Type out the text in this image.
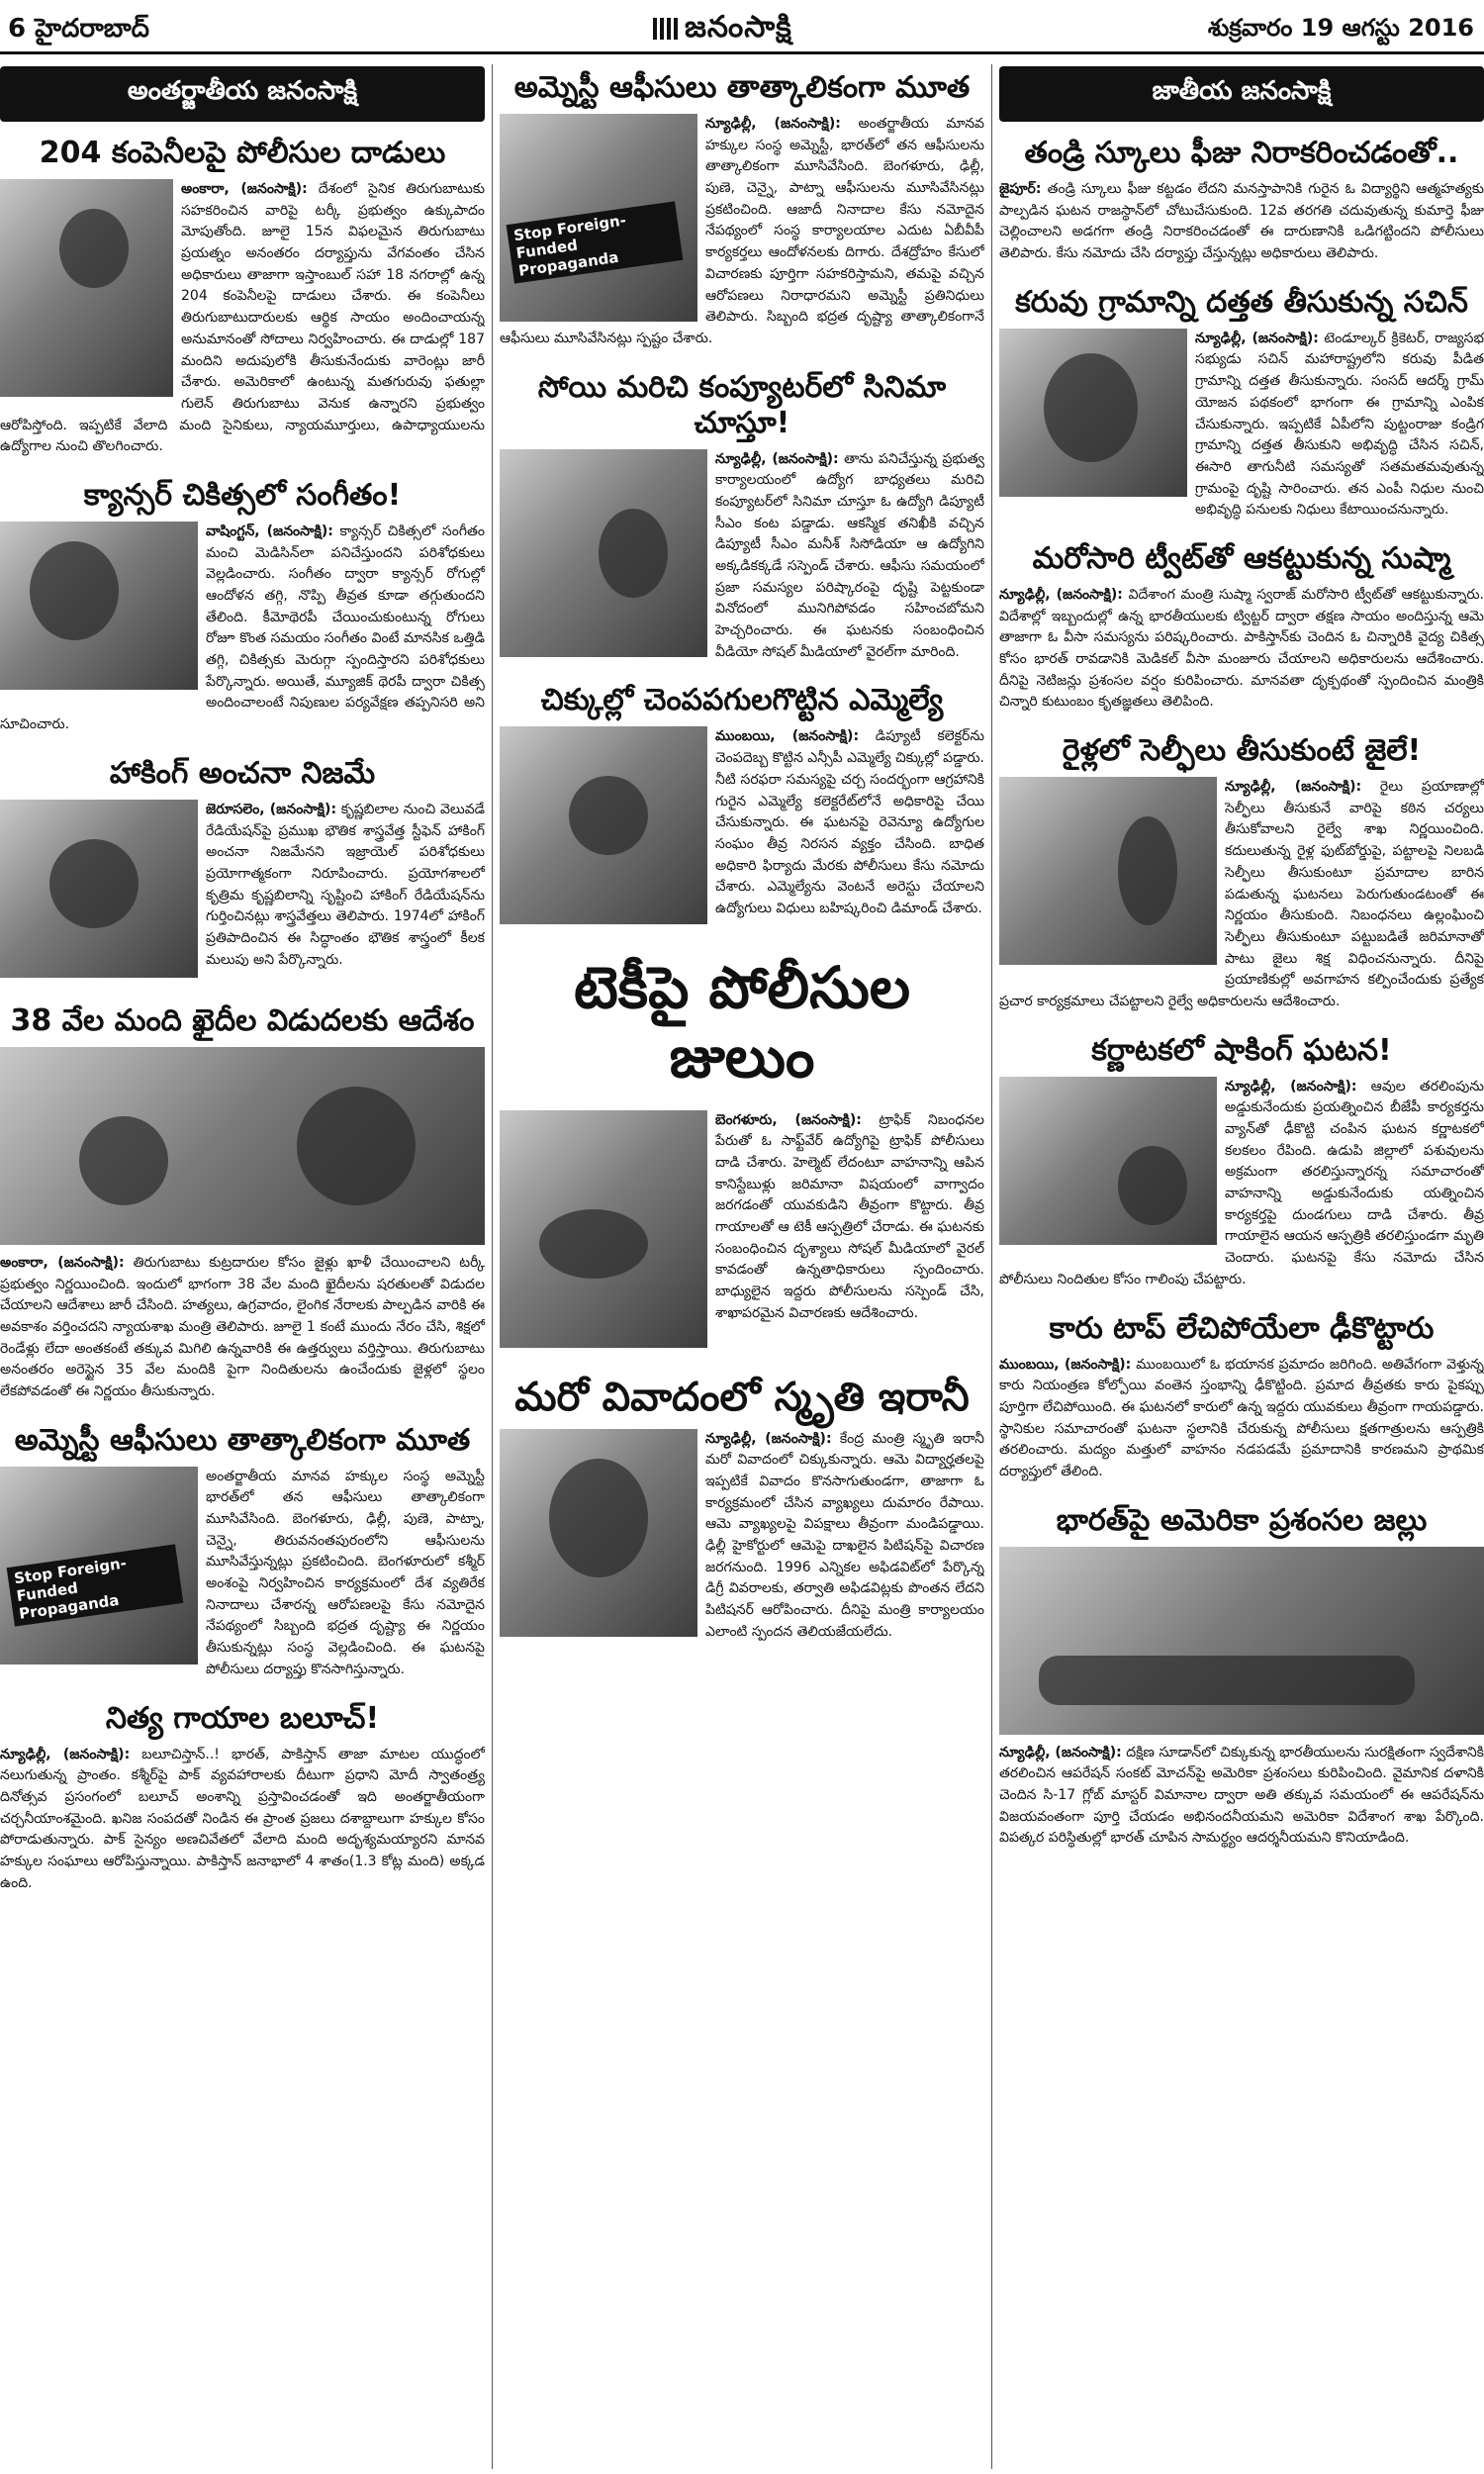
6 హైదరాబాద్	జనంసాక్షి	శుక్రవారం 19 ఆగస్టు 2016
అంతర్జాతీయ జనంసాక్షి
204 కంపెనీలపై పోలీసుల దాడులు
అంకారా, (జనంసాక్షి): దేశంలో సైనిక తిరుగుబాటుకు సహకరించిన వారిపై టర్కీ ప్రభుత్వం ఉక్కుపాదం మోపుతోంది. జూలై 15న విఫలమైన తిరుగుబాటు ప్రయత్నం అనంతరం దర్యాప్తును వేగవంతం చేసిన అధికారులు తాజాగా ఇస్తాంబుల్ సహా 18 నగరాల్లో ఉన్న 204 కంపెనీలపై దాడులు చేశారు. ఈ కంపెనీలు తిరుగుబాటుదారులకు ఆర్థిక సాయం అందించాయన్న అనుమానంతో సోదాలు నిర్వహించారు. ఈ దాడుల్లో 187 మందిని అదుపులోకి తీసుకునేందుకు వారెంట్లు జారీ చేశారు. అమెరికాలో ఉంటున్న మతగురువు ఫతుల్లా గులెన్ తిరుగుబాటు వెనుక ఉన్నారని ప్రభుత్వం ఆరోపిస్తోంది. ఇప్పటికే వేలాది మంది సైనికులు, న్యాయమూర్తులు, ఉపాధ్యాయులను ఉద్యోగాల నుంచి తొలగించారు.
క్యాన్సర్ చికిత్సలో సంగీతం!
వాషింగ్టన్, (జనంసాక్షి): క్యాన్సర్ చికిత్సలో సంగీతం మంచి మెడిసిన్‌లా పనిచేస్తుందని పరిశోధకులు వెల్లడించారు. సంగీతం ద్వారా క్యాన్సర్ రోగుల్లో ఆందోళన తగ్గి, నొప్పి తీవ్రత కూడా తగ్గుతుందని తేలింది. కీమోథెరపీ చేయించుకుంటున్న రోగులు రోజూ కొంత సమయం సంగీతం వింటే మానసిక ఒత్తిడి తగ్గి, చికిత్సకు మెరుగ్గా స్పందిస్తారని పరిశోధకులు పేర్కొన్నారు. అయితే, మ్యూజిక్ థెరపీ ద్వారా చికిత్స అందించాలంటే నిపుణుల పర్యవేక్షణ తప్పనిసరి అని సూచించారు.
హాకింగ్ అంచనా నిజమే
జెరూసలెం, (జనంసాక్షి): కృష్ణబిలాల నుంచి వెలువడే రేడియేషన్‌పై ప్రముఖ భౌతిక శాస్త్రవేత్త స్టీఫెన్ హాకింగ్ అంచనా నిజమేనని ఇజ్రాయెల్ పరిశోధకులు ప్రయోగాత్మకంగా నిరూపించారు. ప్రయోగశాలలో కృత్రిమ కృష్ణబిలాన్ని సృష్టించి హాకింగ్ రేడియేషన్‌ను గుర్తించినట్లు శాస్త్రవేత్తలు తెలిపారు. 1974లో హాకింగ్ ప్రతిపాదించిన ఈ సిద్ధాంతం భౌతిక శాస్త్రంలో కీలక మలుపు అని పేర్కొన్నారు.
38 వేల మంది ఖైదీల విడుదలకు ఆదేశం
అంకారా, (జనంసాక్షి): తిరుగుబాటు కుట్రదారుల కోసం జైళ్లు ఖాళీ చేయించాలని టర్కీ ప్రభుత్వం నిర్ణయించింది. ఇందులో భాగంగా 38 వేల మంది ఖైదీలను షరతులతో విడుదల చేయాలని ఆదేశాలు జారీ చేసింది. హత్యలు, ఉగ్రవాదం, లైంగిక నేరాలకు పాల్పడిన వారికి ఈ అవకాశం వర్తించదని న్యాయశాఖ మంత్రి తెలిపారు. జూలై 1 కంటే ముందు నేరం చేసి, శిక్షలో రెండేళ్లు లేదా అంతకంటే తక్కువ మిగిలి ఉన్నవారికి ఈ ఉత్తర్వులు వర్తిస్తాయి. తిరుగుబాటు అనంతరం అరెస్టైన 35 వేల మందికి పైగా నిందితులను ఉంచేందుకు జైళ్లలో స్థలం లేకపోవడంతో ఈ నిర్ణయం తీసుకున్నారు.
అమ్నెస్టీ ఆఫీసులు తాత్కాలికంగా మూత
Stop Foreign-Funded Propaganda
అంతర్జాతీయ మానవ హక్కుల సంస్థ అమ్నెస్టీ భారత్‌లో తన ఆఫీసులు తాత్కాలికంగా మూసివేసింది. బెంగళూరు, ఢిల్లీ, పుణె, పాట్నా, చెన్నై, తిరువనంతపురంలోని ఆఫీసులను మూసివేస్తున్నట్లు ప్రకటించింది. బెంగళూరులో కశ్మీర్ అంశంపై నిర్వహించిన కార్యక్రమంలో దేశ వ్యతిరేక నినాదాలు చేశారన్న ఆరోపణలపై కేసు నమోదైన నేపథ్యంలో సిబ్బంది భద్రత దృష్ట్యా ఈ నిర్ణయం తీసుకున్నట్లు సంస్థ వెల్లడించింది. ఈ ఘటనపై పోలీసులు దర్యాప్తు కొనసాగిస్తున్నారు.
నిత్య గాయాల బలూచ్!
న్యూఢిల్లీ, (జనంసాక్షి): బలూచిస్తాన్..! భారత్, పాకిస్తాన్ తాజా మాటల యుద్ధంలో నలుగుతున్న ప్రాంతం. కశ్మీర్‌పై పాక్ వ్యవహారాలకు దీటుగా ప్రధాని మోదీ స్వాతంత్ర్య దినోత్సవ ప్రసంగంలో బలూచ్ అంశాన్ని ప్రస్తావించడంతో ఇది అంతర్జాతీయంగా చర్చనీయాంశమైంది. ఖనిజ సంపదతో నిండిన ఈ ప్రాంత ప్రజలు దశాబ్దాలుగా హక్కుల కోసం పోరాడుతున్నారు. పాక్ సైన్యం అణచివేతలో వేలాది మంది అదృశ్యమయ్యారని మానవ హక్కుల సంఘాలు ఆరోపిస్తున్నాయి. పాకిస్తాన్ జనాభాలో 4 శాతం(1.3 కోట్ల మంది) అక్కడ ఉంది.
అమ్నెస్టీ ఆఫీసులు తాత్కాలికంగా మూత
Stop Foreign-Funded Propaganda
న్యూఢిల్లీ, (జనంసాక్షి): అంతర్జాతీయ మానవ హక్కుల సంస్థ అమ్నెస్టీ, భారత్‌లో తన ఆఫీసులను తాత్కాలికంగా మూసివేసింది. బెంగళూరు, ఢిల్లీ, పుణె, చెన్నై, పాట్నా ఆఫీసులను మూసివేసినట్లు ప్రకటించింది. ఆజాదీ నినాదాల కేసు నమోదైన నేపథ్యంలో సంస్థ కార్యాలయాల ఎదుట ఏబీవీపీ కార్యకర్తలు ఆందోళనలకు దిగారు. దేశద్రోహం కేసులో విచారణకు పూర్తిగా సహకరిస్తామని, తమపై వచ్చిన ఆరోపణలు నిరాధారమని అమ్నెస్టీ ప్రతినిధులు తెలిపారు. సిబ్బంది భద్రత దృష్ట్యా తాత్కాలికంగానే ఆఫీసులు మూసివేసినట్లు స్పష్టం చేశారు.
సోయి మరిచి కంప్యూటర్‌లో సినిమా చూస్తూ!
న్యూఢిల్లీ, (జనంసాక్షి): తాను పనిచేస్తున్న ప్రభుత్వ కార్యాలయంలో ఉద్యోగ బాధ్యతలు మరిచి కంప్యూటర్‌లో సినిమా చూస్తూ ఓ ఉద్యోగి డిప్యూటీ సీఎం కంట పడ్డాడు. ఆకస్మిక తనిఖీకి వచ్చిన డిప్యూటీ సీఎం మనీశ్ సిసోడియా ఆ ఉద్యోగిని అక్కడికక్కడే సస్పెండ్ చేశారు. ఆఫీసు సమయంలో ప్రజా సమస్యల పరిష్కారంపై దృష్టి పెట్టకుండా వినోదంలో మునిగిపోవడం సహించబోమని హెచ్చరించారు. ఈ ఘటనకు సంబంధించిన వీడియో సోషల్ మీడియాలో వైరల్‌గా మారింది.
చిక్కుల్లో చెంపపగులగొట్టిన ఎమ్మెల్యే
ముంబయి, (జనంసాక్షి): డిప్యూటీ కలెక్టర్‌ను చెంపదెబ్బ కొట్టిన ఎన్సీపీ ఎమ్మెల్యే చిక్కుల్లో పడ్డారు. నీటి సరఫరా సమస్యపై చర్చ సందర్భంగా ఆగ్రహానికి గురైన ఎమ్మెల్యే కలెక్టరేట్‌లోనే అధికారిపై చేయి చేసుకున్నారు. ఈ ఘటనపై రెవెన్యూ ఉద్యోగుల సంఘం తీవ్ర నిరసన వ్యక్తం చేసింది. బాధిత అధికారి ఫిర్యాదు మేరకు పోలీసులు కేసు నమోదు చేశారు. ఎమ్మెల్యేను వెంటనే అరెస్టు చేయాలని ఉద్యోగులు విధులు బహిష్కరించి డిమాండ్ చేశారు.
టెకీపై పోలీసుల జులుం
బెంగళూరు, (జనంసాక్షి): ట్రాఫిక్ నిబంధనల పేరుతో ఓ సాఫ్ట్‌వేర్ ఉద్యోగిపై ట్రాఫిక్ పోలీసులు దాడి చేశారు. హెల్మెట్ లేదంటూ వాహనాన్ని ఆపిన కానిస్టేబుళ్లు జరిమానా విషయంలో వాగ్వాదం జరగడంతో యువకుడిని తీవ్రంగా కొట్టారు. తీవ్ర గాయాలతో ఆ టెకీ ఆస్పత్రిలో చేరాడు. ఈ ఘటనకు సంబంధించిన దృశ్యాలు సోషల్ మీడియాలో వైరల్ కావడంతో ఉన్నతాధికారులు స్పందించారు. బాధ్యులైన ఇద్దరు పోలీసులను సస్పెండ్ చేసి, శాఖాపరమైన విచారణకు ఆదేశించారు.
మరో వివాదంలో స్మృతి ఇరానీ
న్యూఢిల్లీ, (జనంసాక్షి): కేంద్ర మంత్రి స్మృతి ఇరానీ మరో వివాదంలో చిక్కుకున్నారు. ఆమె విద్యార్హతలపై ఇప్పటికే వివాదం కొనసాగుతుండగా, తాజాగా ఓ కార్యక్రమంలో చేసిన వ్యాఖ్యలు దుమారం రేపాయి. ఆమె వ్యాఖ్యలపై విపక్షాలు తీవ్రంగా మండిపడ్డాయి. ఢిల్లీ హైకోర్టులో ఆమెపై దాఖలైన పిటిషన్‌పై విచారణ జరగనుంది. 1996 ఎన్నికల అఫిడవిట్‌లో పేర్కొన్న డిగ్రీ వివరాలకు, తర్వాతి అఫిడవిట్లకు పొంతన లేదని పిటిషనర్ ఆరోపించారు. దీనిపై మంత్రి కార్యాలయం ఎలాంటి స్పందన తెలియజేయలేదు.
జాతీయ జనంసాక్షి
తండ్రి స్కూలు ఫీజు నిరాకరించడంతో..
జైపూర్: తండ్రి స్కూలు ఫీజు కట్టడం లేదని మనస్తాపానికి గురైన ఓ విద్యార్థిని ఆత్మహత్యకు పాల్పడిన ఘటన రాజస్థాన్‌లో చోటుచేసుకుంది. 12వ తరగతి చదువుతున్న కుమార్తె ఫీజు చెల్లించాలని అడగగా తండ్రి నిరాకరించడంతో ఈ దారుణానికి ఒడిగట్టిందని పోలీసులు తెలిపారు. కేసు నమోదు చేసి దర్యాప్తు చేస్తున్నట్లు అధికారులు తెలిపారు.
కరువు గ్రామాన్ని దత్తత తీసుకున్న సచిన్
న్యూఢిల్లీ, (జనంసాక్షి): టెండూల్కర్ క్రికెటర్, రాజ్యసభ సభ్యుడు సచిన్ మహారాష్ట్రలోని కరువు పీడిత గ్రామాన్ని దత్తత తీసుకున్నారు. సంసద్ ఆదర్శ్ గ్రామ్ యోజన పథకంలో భాగంగా ఈ గ్రామాన్ని ఎంపిక చేసుకున్నారు. ఇప్పటికే ఏపీలోని పుట్టంరాజు కండ్రిగ గ్రామాన్ని దత్తత తీసుకుని అభివృద్ధి చేసిన సచిన్, ఈసారి తాగునీటి సమస్యతో సతమతమవుతున్న గ్రామంపై దృష్టి సారించారు. తన ఎంపీ నిధుల నుంచి అభివృద్ధి పనులకు నిధులు కేటాయించనున్నారు.
మరోసారి ట్వీట్‌తో ఆకట్టుకున్న సుష్మా
న్యూఢిల్లీ, (జనంసాక్షి): విదేశాంగ మంత్రి సుష్మా స్వరాజ్ మరోసారి ట్వీట్‌తో ఆకట్టుకున్నారు. విదేశాల్లో ఇబ్బందుల్లో ఉన్న భారతీయులకు ట్విట్టర్ ద్వారా తక్షణ సాయం అందిస్తున్న ఆమె తాజాగా ఓ వీసా సమస్యను పరిష్కరించారు. పాకిస్తాన్‌కు చెందిన ఓ చిన్నారికి వైద్య చికిత్స కోసం భారత్ రావడానికి మెడికల్ వీసా మంజూరు చేయాలని అధికారులను ఆదేశించారు. దీనిపై నెటిజన్లు ప్రశంసల వర్షం కురిపించారు. మానవతా దృక్పథంతో స్పందించిన మంత్రికి చిన్నారి కుటుంబం కృతజ్ఞతలు తెలిపింది.
రైళ్లలో సెల్ఫీలు తీసుకుంటే జైలే!
న్యూఢిల్లీ, (జనంసాక్షి): రైలు ప్రయాణాల్లో సెల్ఫీలు తీసుకునే వారిపై కఠిన చర్యలు తీసుకోవాలని రైల్వే శాఖ నిర్ణయించింది. కదులుతున్న రైళ్ల ఫుట్‌బోర్డుపై, పట్టాలపై నిలబడి సెల్ఫీలు తీసుకుంటూ ప్రమాదాల బారిన పడుతున్న ఘటనలు పెరుగుతుండటంతో ఈ నిర్ణయం తీసుకుంది. నిబంధనలు ఉల్లంఘించి సెల్ఫీలు తీసుకుంటూ పట్టుబడితే జరిమానాతో పాటు జైలు శిక్ష విధించనున్నారు. దీనిపై ప్రయాణికుల్లో అవగాహన కల్పించేందుకు ప్రత్యేక ప్రచార కార్యక్రమాలు చేపట్టాలని రైల్వే అధికారులను ఆదేశించారు.
కర్ణాటకలో షాకింగ్ ఘటన!
న్యూఢిల్లీ, (జనంసాక్షి): ఆవుల తరలింపును అడ్డుకునేందుకు ప్రయత్నించిన బీజేపీ కార్యకర్తను వ్యాన్‌తో ఢీకొట్టి చంపిన ఘటన కర్ణాటకలో కలకలం రేపింది. ఉడుపి జిల్లాలో పశువులను అక్రమంగా తరలిస్తున్నారన్న సమాచారంతో వాహనాన్ని అడ్డుకునేందుకు యత్నించిన కార్యకర్తపై దుండగులు దాడి చేశారు. తీవ్ర గాయాలైన ఆయన ఆస్పత్రికి తరలిస్తుండగా మృతి చెందారు. ఘటనపై కేసు నమోదు చేసిన పోలీసులు నిందితుల కోసం గాలింపు చేపట్టారు.
కారు టాప్ లేచిపోయేలా ఢీకొట్టారు
ముంబయి, (జనంసాక్షి): ముంబయిలో ఓ భయానక ప్రమాదం జరిగింది. అతివేగంగా వెళ్తున్న కారు నియంత్రణ కోల్పోయి వంతెన స్తంభాన్ని ఢీకొట్టింది. ప్రమాద తీవ్రతకు కారు పైకప్పు పూర్తిగా లేచిపోయింది. ఈ ఘటనలో కారులో ఉన్న ఇద్దరు యువకులు తీవ్రంగా గాయపడ్డారు. స్థానికుల సమాచారంతో ఘటనా స్థలానికి చేరుకున్న పోలీసులు క్షతగాత్రులను ఆస్పత్రికి తరలించారు. మద్యం మత్తులో వాహనం నడపడమే ప్రమాదానికి కారణమని ప్రాథమిక దర్యాప్తులో తేలింది.
భారత్‌పై అమెరికా ప్రశంసల జల్లు
న్యూఢిల్లీ, (జనంసాక్షి): దక్షిణ సూడాన్‌లో చిక్కుకున్న భారతీయులను సురక్షితంగా స్వదేశానికి తరలించిన ఆపరేషన్ సంకట్ మోచన్‌పై అమెరికా ప్రశంసలు కురిపించింది. వైమానిక దళానికి చెందిన సి-17 గ్లోబ్ మాస్టర్ విమానాల ద్వారా అతి తక్కువ సమయంలో ఈ ఆపరేషన్‌ను విజయవంతంగా పూర్తి చేయడం అభినందనీయమని అమెరికా విదేశాంగ శాఖ పేర్కొంది. విపత్కర పరిస్థితుల్లో భారత్ చూపిన సామర్థ్యం ఆదర్శనీయమని కొనియాడింది.
